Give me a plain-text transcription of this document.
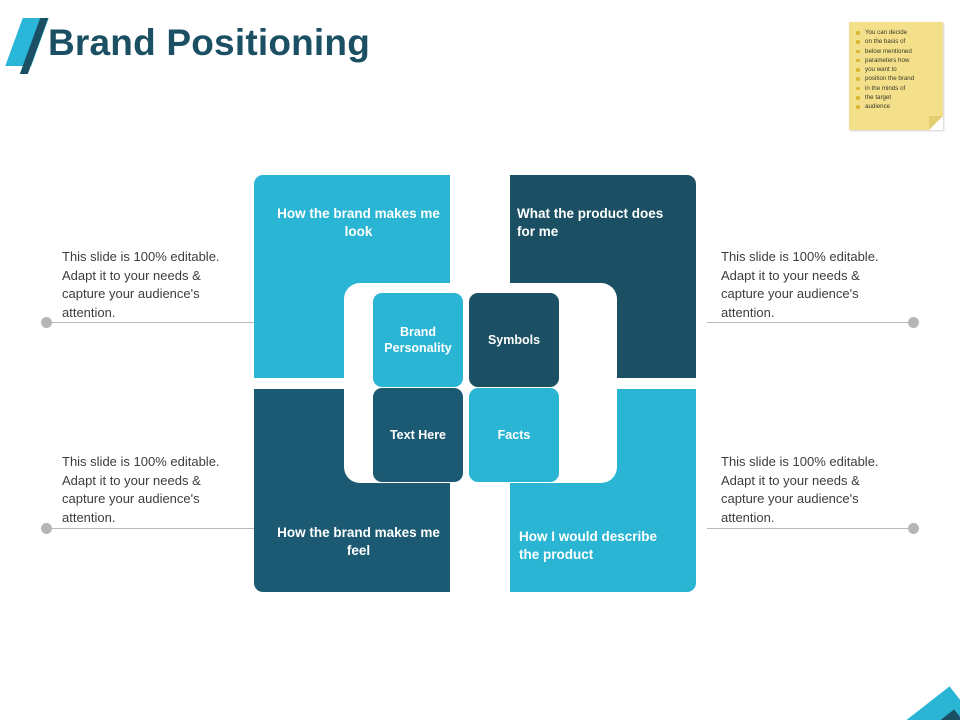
Brand Positioning	You can decide
on the basis of
below mentioned
parameters how
you want to
position the brand
in the minds of
the target
audience
How the brand makes me look
What the product does for me
How the brand makes me feel
How I would describe the product
Brand Personality
Symbols
Text Here	Facts
This slide is 100% editable. Adapt it to your needs & capture your audience's attention.
This slide is 100% editable. Adapt it to your needs & capture your audience's attention.
This slide is 100% editable. Adapt it to your needs & capture your audience's attention.
This slide is 100% editable. Adapt it to your needs & capture your audience's attention.
